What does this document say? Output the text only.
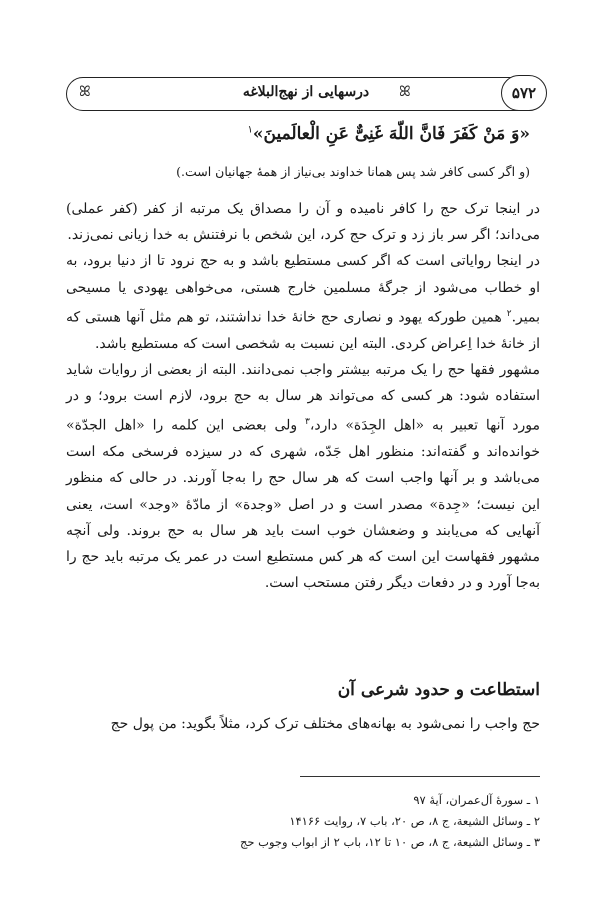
ꕤ	ꕤ
درسهایی از نهج‌البلاغه	۵۷۲
«وَ مَنْ کَفَرَ فَانَّ اللّهَ غَنِیٌّ عَنِ الْعالَمینَ»$^۱$
(و اگر کسی کافر شد پس همانا خداوند بی‌نیاز از همهٔ جهانیان است.)

در اینجا ترک حج را کافر نامیده و آن را مصداق یک مرتبه از کفر (کفر عملی) می‌داند؛ اگر سر باز زد و ترک حج کرد، این شخص با نرفتنش به خدا زیانی نمی‌زند.

در اینجا روایاتی است که اگر کسی مستطیع باشد و به حج نرود تا از دنیا برود، به او خطاب می‌شود از جرگهٔ مسلمین خارج هستی، می‌خواهی یهودی یا مسیحی بمیر.$^۲$ همین طورکه یهود و نصاری حج خانهٔ خدا نداشتند، تو هم مثل آنها هستی که از خانهٔ خدا اِعراض کردی. البته این نسبت به شخصی است که مستطیع باشد.

مشهور فقها حج را یک مرتبه بیشتر واجب نمی‌دانند. البته از بعضی از روایات شاید استفاده شود: هر کسی که می‌تواند هر سال به حج برود، لازم است برود؛ و در مورد آنها تعبیر به «اهل الجِدَة» دارد،$^۳$ ولی بعضی این کلمه را «اهل الجدّة» خوانده‌اند و گفته‌اند: منظور اهل جَدّه، شهری که در سیزده فرسخی مکه است می‌باشد و بر آنها واجب است که هر سال حج را به‌جا آورند. در حالی که منظور این نیست؛ «جِدة» مصدر است و در اصل «وجدة» از مادّهٔ «وجد» است، یعنی آنهایی که می‌یابند و وضعشان خوب است باید هر سال به حج بروند. ولی آنچه مشهور فقهاست این است که هر کس مستطیع است در عمر یک مرتبه باید حج را به‌جا آورد و در دفعات دیگر رفتن مستحب است.

استطاعت و حدود شرعی آن
حج واجب را نمی‌شود به بهانه‌های مختلف ترک کرد، مثلاً بگوید: من پول حج
۱ ـ سورهٔ آل‌عمران، آیهٔ ۹۷
۲ ـ وسائل الشیعة، ج ۸، ص ۲۰، باب ۷، روایت ۱۴۱۶۶
۳ ـ وسائل الشیعة، ج ۸، ص ۱۰ تا ۱۲، باب ۲ از ابواب وجوب حج
